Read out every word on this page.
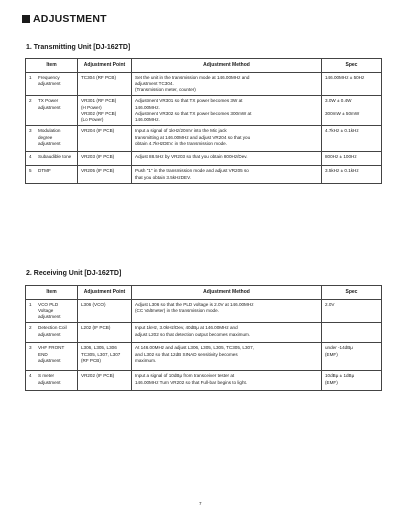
ADJUSTMENT
1. Transmitting Unit [DJ-162TD]
Item	Adjustment Point	Adjustment Method	Spec

1 Frequency
adjustment	TC304 (RF PCB)	Set the unit in the transmission mode at 146.00MHz and
adjustment TC304.
(Transmission meter, counter)	146.00MHz ± 50Hz

2 TX Power
adjustment	VR301 (RF PCB)
(H Power)
VR302 (RF PCB)
(Lo Power)	Adjustment VR301 so that TX power becomes 3W at
146.00MHz.
Adjustment VR302 so that TX power becomes 300mW at
146.00MHz.	3.0W ± 0.4W
300mW ± 50mW

3 Modulation degree
adjustment	VR204 (IF PCB)	Input a signal of 1kHz/20mV into the Mic jack
transmitting at 146.00MHz and adjust VR204 so that you
obtain 4.7kHzDEV. in the transmission mode.	4.7kHz ± 0.1kHz

4 Subaudible tone	VR203 (IF PCB)	Adjust 88.5Hz by VR203 so that you obtain 800Hz/Dev.	800Hz ± 100Hz

5 DTMF	VR205 (IF PCB)	Push "1" in the transmission mode and adjust VR205 so
that you obtain 3.5kHzDEV.	3.5kHz ± 0.1kHz
2. Receiving Unit [DJ-162TD]
Item	Adjustment Point	Adjustment Method	Spec

1 VCO PLD Voltage
adjustment	L306 (VCO)	Adjust L306 so that the PLD voltage is 2.0V at 146.00MHz
(CC Valtmeter) in the transmission mode.	2.0V

2 Detection Coil
adjustment	L202 (IF PCB)	Input 1kHz, 3.0kHz/Dev, 40dBμ at 146.00MHz and
adjust L202 so that detection output becomes maximum.	

3 VHF FRONT END
adjustment	L306, L305, L306
TC305, L307, L307
(RF PCB)	At 146.00MHz and adjust L306, L305, L305, TC305, L307,
and L302 so that 12dB SINAD sensitivity becomes
maximum.	under -14dBμ
(EMF)

4 S meter
adjustment	VR202 (IF PCB)	Input a signal of 10dBμ from transceiver tester at
146.00MHz Turn VR202 so that Full-bar begins to light.	10dBμ ± 1dBμ
(EMF)
7
